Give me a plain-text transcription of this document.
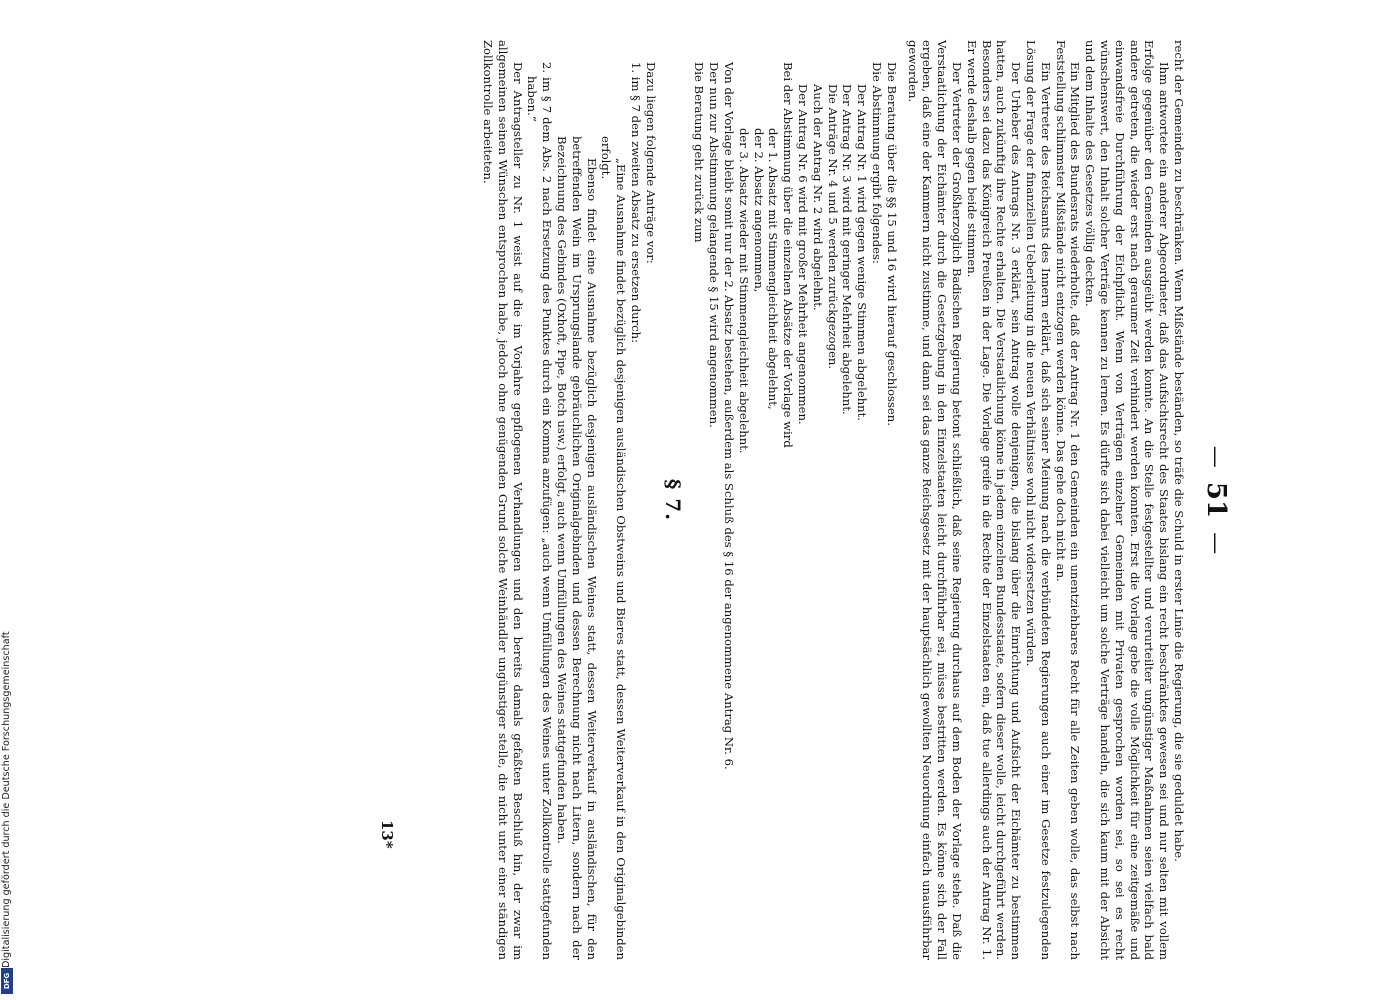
—
51
—

recht der Gemeinden zu beschränken. Wenn Mißstände beständen, so träfe die Schuld in erster Linie die Regierung, die sie geduldet habe.

Ihm antwortete ein anderer Abgeordneter, daß das Aufsichtsrecht des Staates bislang ein recht beschränktes gewesen sei und nur selten mit vollem Erfolge gegenüber den Gemeinden ausgeübt werden konnte. An die Stelle festgestellter und verurteilter ungünstiger Maßnahmen seien vielfach bald andere getreten, die wieder erst nach geraumer Zeit verhindert werden konnten. Erst die Vorlage gebe die volle Möglichkeit für eine zeitgemäße und einwandsfreie Durchführung der Eichpflicht. Wenn von Verträgen einzelner Gemeinden mit Privaten gesprochen worden sei, so sei es recht wünschenswert, den Inhalt solcher Verträge kennen zu lernen. Es dürfte sich dabei vielleicht um solche Verträge handeln, die sich kaum mit der Absicht und dem Inhalte des Gesetzes völlig deckten.

Ein Mitglied des Bundesrats wiederholte, daß der Antrag Nr. 1 den Gemeinden ein unentziehbares Recht für alle Zeiten geben wolle, das selbst nach Feststellung schlimmster Mißstände nicht entzogen werden könne. Das gehe doch nicht an.

Ein Vertreter des Reichsamts des Innern erklärt, daß sich seiner Meinung nach die verbündeten Regierungen auch einer im Gesetze festzulegenden Lösung der Frage der finanziellen Ueberleitung in die neuen Verhältnisse wohl nicht widersetzen würden.

Der Urheber des Antrags Nr. 3 erklärt, sein Antrag wolle denjenigen, die bislang über die Einrichtung und Aufsicht der Eichämter zu bestimmen hatten, auch zukünftig ihre Rechte erhalten. Die Verstaatlichung könne in jedem einzelnen Bundesstaate, sofern dieser wolle, leicht durchgeführt werden. Besonders sei dazu das Königreich Preußen in der Lage. Die Vorlage greife in die Rechte der Einzelstaaten ein, daß tue allerdings auch der Antrag Nr. 1. Er werde deshalb gegen beide stimmen.

Der Vertreter der Großherzoglich Badischen Regierung betont schließlich, daß seine Regierung durchaus auf dem Boden der Vorlage stehe. Daß die Verstaatlichung der Eichämter durch die Gesetzgebung in den Einzelstaaten leicht durchführbar sei, müsse bestritten werden. Es könne sich der Fall ergeben, daß eine der Kammern nicht zustimme, und dann sei das ganze Reichsgesetz mit der hauptsächlich gewollten Neuordnung einfach unausführbar geworden.

Die Beratung über die §§ 15 und 16 wird hierauf geschlossen.

Die Abstimmung ergibt folgendes:

Der Antrag Nr. 1 wird gegen wenige Stimmen abgelehnt.

Der Antrag Nr. 3 wird mit geringer Mehrheit abgelehnt.

Die Anträge Nr. 4 und 5 werden zurückgezogen.

Auch der Antrag Nr. 2 wird abgelehnt.

Der Antrag Nr. 6 wird mit großer Mehrheit angenommen.

Bei der Abstimmung über die einzelnen Absätze der Vorlage wird

der 1. Absatz mit Stimmengleichheit abgelehnt,

der 2. Absatz angenommen,

der 3. Absatz wieder mit Stimmengleichheit abgelehnt.

Von der Vorlage bleibt somit nur der 2. Absatz bestehen, außerdem als Schluß des § 16 der angenommene Antrag Nr. 6.

Der nun zur Abstimmung gelangende § 15 wird angenommen.

Die Beratung geht zurück zum

§ 7.

Dazu liegen folgende Anträge vor:

1. im § 7 den zweiten Absatz zu ersetzen durch:

„Eine Ausnahme findet bezüglich desjenigen ausländischen Obstweins und Bieres statt, dessen Weiterverkauf in den Originalgebinden erfolgt.

Ebenso findet eine Ausnahme bezüglich desjenigen ausländischen Weines statt, dessen Weiterverkauf in ausländischen, für den betreffenden Wein im Ursprungslande gebräuchlichen Originalgebinden und dessen Berechnung nicht nach Litern, sondern nach der Bezeichnung des Gebindes (Oxhoft, Pipe, Botch usw.) erfolgt, auch wenn Umfüllungen des Weines stattgefunden haben.

2. im § 7 dem Abs. 2 nach Ersetzung des Punktes durch ein Komma anzufügen: „auch wenn Umfüllungen des Weines unter Zollkontrolle stattgefunden haben.“

Der Antragsteller zu Nr. 1 weist auf die im Vorjahre gepflogenen Verhandlungen und den bereits damals gefaßten Beschluß hin, der zwar im allgemeinen seinen Wünschen entsprochen habe, jedoch ohne genügenden Grund solche Weinhändler ungünstiger stelle, die nicht unter einer ständigen Zollkontrolle arbeiteten.

13*
Digitalisierung gefördert durch die Deutsche Forschungsgemeinschaft
DFG
